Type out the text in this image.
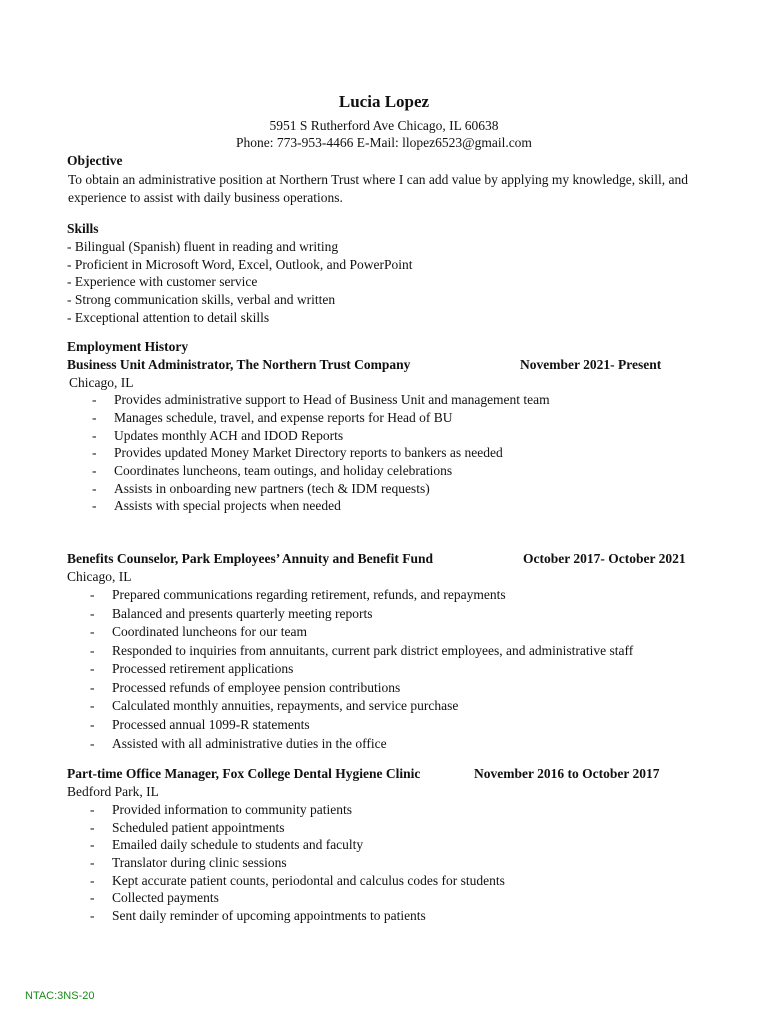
Lucia Lopez
5951 S Rutherford Ave Chicago, IL 60638
Phone: 773-953-4466 E-Mail: llopez6523@gmail.com
Objective
To obtain an administrative position at Northern Trust where I can add value by applying my knowledge, skill, and experience to assist with daily business operations.
Skills
- Bilingual (Spanish) fluent in reading and writing
- Proficient in Microsoft Word, Excel, Outlook, and PowerPoint
- Experience with customer service
- Strong communication skills, verbal and written
- Exceptional attention to detail skills
Employment History
Business Unit Administrator, The Northern Trust Company	November 2021- Present
Chicago, IL
- Provides administrative support to Head of Business Unit and management team
- Manages schedule, travel, and expense reports for Head of BU
- Updates monthly ACH and IDOD Reports
- Provides updated Money Market Directory reports to bankers as needed
- Coordinates luncheons, team outings, and holiday celebrations
- Assists in onboarding new partners (tech & IDM requests)
- Assists with special projects when needed
Benefits Counselor, Park Employees’ Annuity and Benefit Fund	October 2017- October 2021
Chicago, IL
- Prepared communications regarding retirement, refunds, and repayments
- Balanced and presents quarterly meeting reports
- Coordinated luncheons for our team
- Responded to inquiries from annuitants, current park district employees, and administrative staff
- Processed retirement applications
- Processed refunds of employee pension contributions
- Calculated monthly annuities, repayments, and service purchase
- Processed annual 1099-R statements
- Assisted with all administrative duties in the office
Part-time Office Manager, Fox College Dental Hygiene Clinic	November 2016 to October 2017
Bedford Park, IL
- Provided information to community patients
- Scheduled patient appointments
- Emailed daily schedule to students and faculty
- Translator during clinic sessions
- Kept accurate patient counts, periodontal and calculus codes for students
- Collected payments
- Sent daily reminder of upcoming appointments to patients
NTAC:3NS-20
